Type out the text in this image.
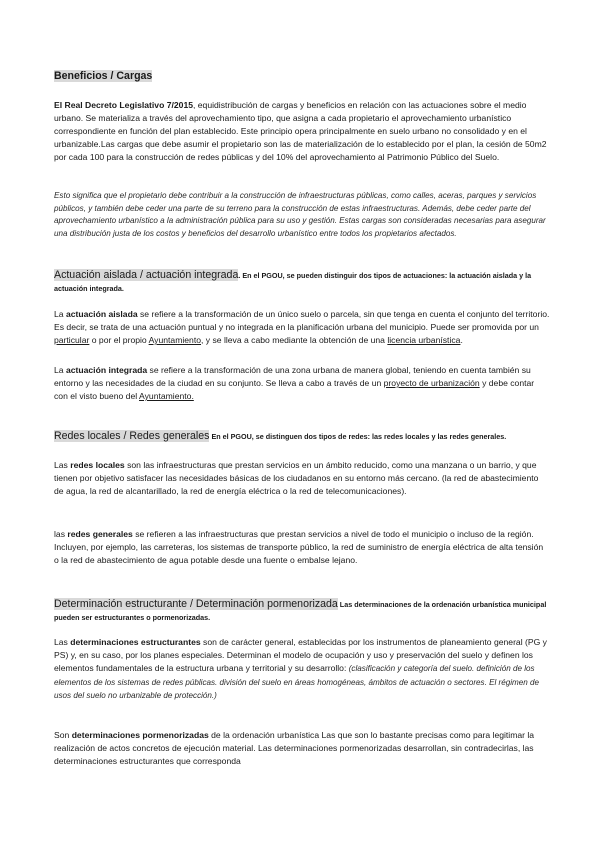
Beneficios / Cargas

El Real Decreto Legislativo 7/2015, equidistribución de cargas y beneficios en relación con las actuaciones sobre el medio urbano. Se materializa a través del aprovechamiento tipo, que asigna a cada propietario el aprovechamiento urbanístico correspondiente en función del plan establecido. Este principio opera principalmente en suelo urbano no consolidado y en el urbanizable.Las cargas que debe asumir el propietario son las de materialización de lo establecido por el plan, la cesión de 50m2 por cada 100 para la construcción de redes públicas y del 10% del aprovechamiento al Patrimonio Público del Suelo.

Esto significa que el propietario debe contribuir a la construcción de infraestructuras públicas, como calles, aceras, parques y servicios públicos, y también debe ceder una parte de su terreno para la construcción de estas infraestructuras. Además, debe ceder parte del aprovechamiento urbanístico a la administración pública para su uso y gestión. Estas cargas son consideradas necesarias para asegurar una distribución justa de los costos y beneficios del desarrollo urbanístico entre todos los propietarios afectados.

Actuación aislada / actuación integrada. En el PGOU, se pueden distinguir dos tipos de actuaciones: la actuación aislada y la actuación integrada.

La actuación aislada se refiere a la transformación de un único suelo o parcela, sin que tenga en cuenta el conjunto del territorio. Es decir, se trata de una actuación puntual y no integrada en la planificación urbana del municipio. Puede ser promovida por un particular o por el propio Ayuntamiento, y se lleva a cabo mediante la obtención de una licencia urbanística.

La actuación integrada se refiere a la transformación de una zona urbana de manera global, teniendo en cuenta también su entorno y las necesidades de la ciudad en su conjunto. Se lleva a cabo a través de un proyecto de urbanización y debe contar con el visto bueno del Ayuntamiento.

Redes locales / Redes generales En el PGOU, se distinguen dos tipos de redes: las redes locales y las redes generales.

Las redes locales son las infraestructuras que prestan servicios en un ámbito reducido, como una manzana o un barrio, y que tienen por objetivo satisfacer las necesidades básicas de los ciudadanos en su entorno más cercano. (la red de abastecimiento de agua, la red de alcantarillado, la red de energía eléctrica o la red de telecomunicaciones).

las redes generales se refieren a las infraestructuras que prestan servicios a nivel de todo el municipio o incluso de la región. Incluyen, por ejemplo, las carreteras, los sistemas de transporte público, la red de suministro de energía eléctrica de alta tensión o la red de abastecimiento de agua potable desde una fuente o embalse lejano.

Determinación estructurante / Determinación pormenorizada Las determinaciones de la ordenación urbanística municipal pueden ser estructurantes o pormenorizadas.

Las determinaciones estructurantes son de carácter general, establecidas por los instrumentos de planeamiento general (PG y PS) y, en su caso, por los planes especiales. Determinan el modelo de ocupación y uso y preservación del suelo y definen los elementos fundamentales de la estructura urbana y territorial y su desarrollo: (clasificación y categoría del suelo. definición de los elementos de los sistemas de redes públicas. división del suelo en áreas homogéneas, ámbitos de actuación o sectores. El régimen de usos del suelo no urbanizable de protección.)

Son determinaciones pormenorizadas de la ordenación urbanística Las que son lo bastante precisas como para legitimar la realización de actos concretos de ejecución material. Las determinaciones pormenorizadas desarrollan, sin contradecirlas, las determinaciones estructurantes que corresponda
